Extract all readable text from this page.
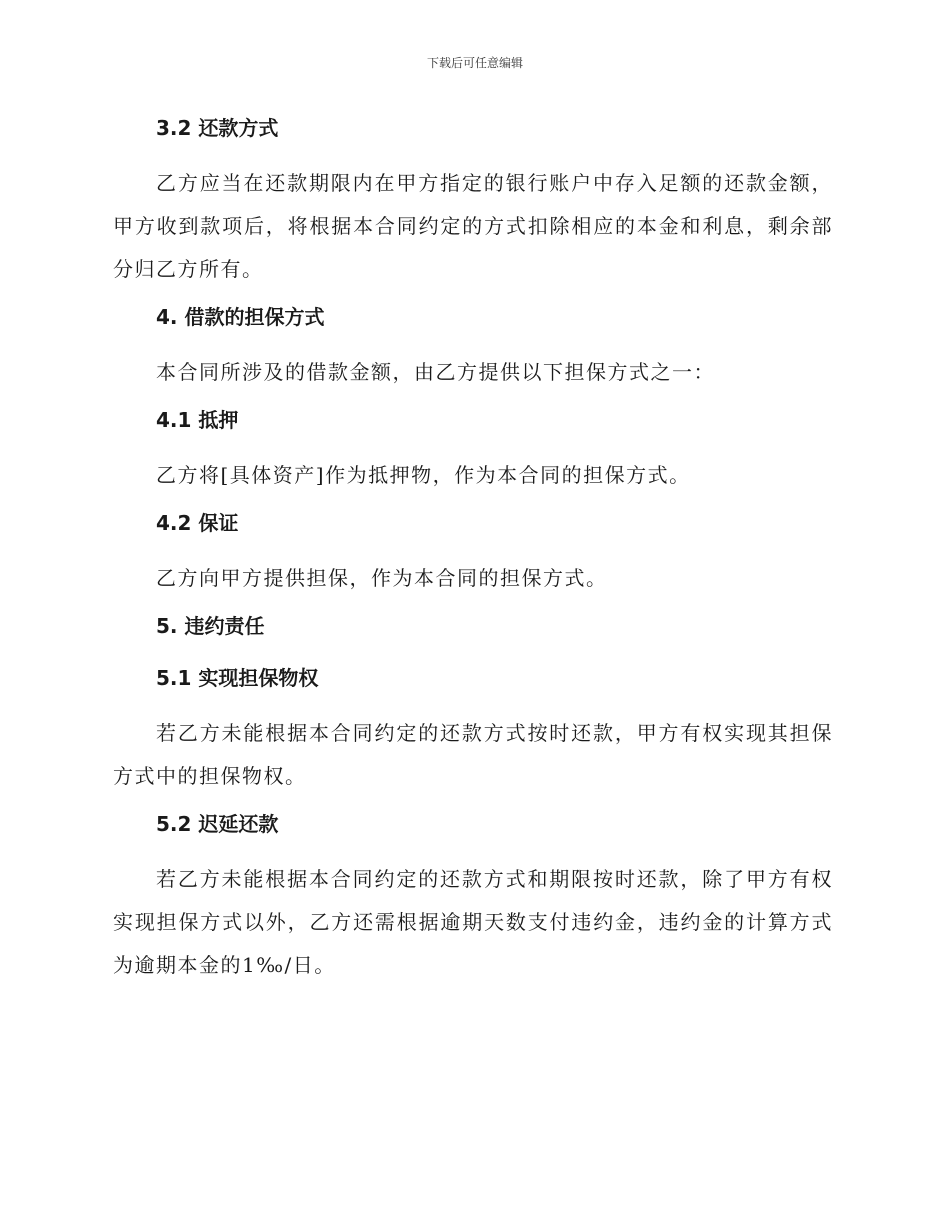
下载后可任意编辑
3.2 还款方式
乙方应当在还款期限内在甲方指定的银行账户中存入足额的还款金额，甲方收到款项后，将根据本合同约定的方式扣除相应的本金和利息，剩余部分归乙方所有。
4. 借款的担保方式
本合同所涉及的借款金额，由乙方提供以下担保方式之一：
4.1 抵押
乙方将[具体资产]作为抵押物，作为本合同的担保方式。
4.2 保证
乙方向甲方提供担保，作为本合同的担保方式。
5. 违约责任
5.1 实现担保物权
若乙方未能根据本合同约定的还款方式按时还款，甲方有权实现其担保方式中的担保物权。
5.2 迟延还款
若乙方未能根据本合同约定的还款方式和期限按时还款，除了甲方有权实现担保方式以外，乙方还需根据逾期天数支付违约金，违约金的计算方式为逾期本金的1‰/日。
